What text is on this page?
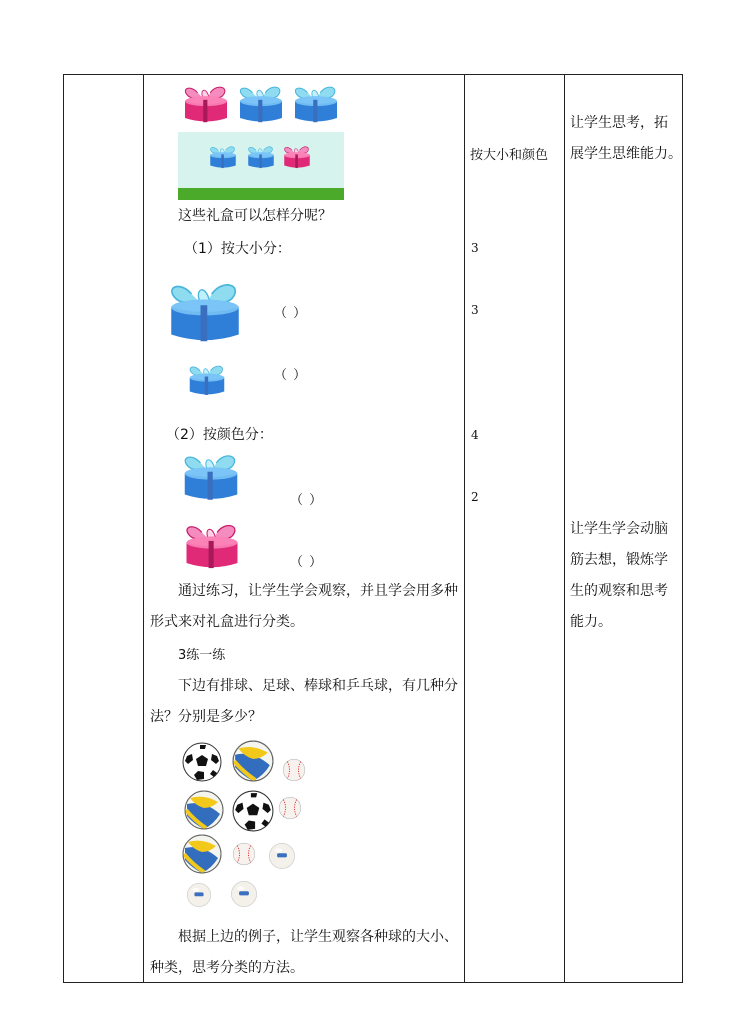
这些礼盒可以怎样分呢？
（1）按大小分：
（ ）
（ ）
（2）按颜色分：
（ ）
（ ）
通过练习，让学生学会观察，并且学会用多种
形式来对礼盒进行分类。
3练一练
下边有排球、足球、棒球和乒乓球，有几种分
法？分别是多少？
根据上边的例子，让学生观察各种球的大小、
种类，思考分类的方法。
按大小和颜色
3
3
4
2
让学生思考，拓
展学生思维能力。
让学生学会动脑
筋去想，锻炼学
生的观察和思考
能力。
